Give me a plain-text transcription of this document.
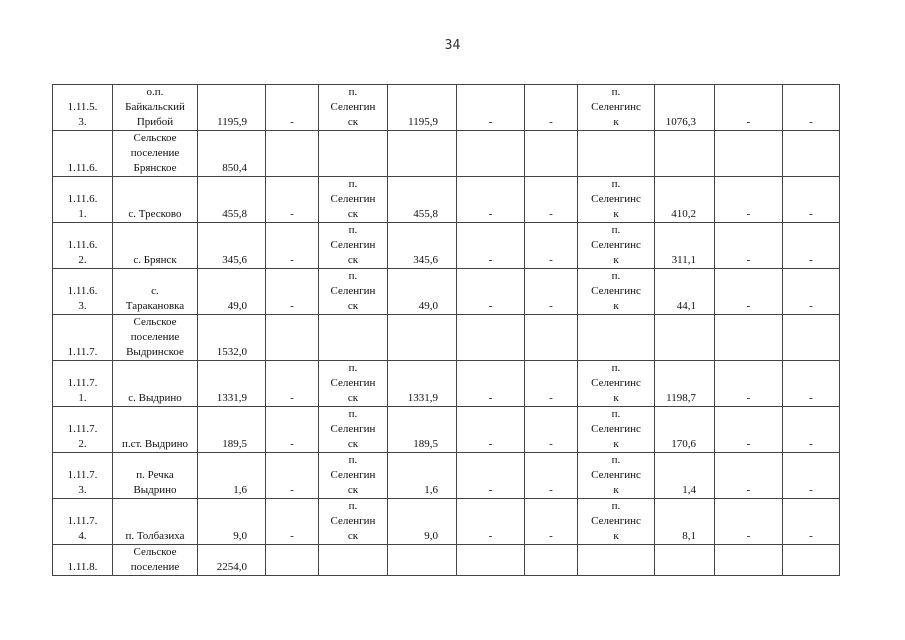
34
1.11.5.
3.	о.п.
Байкальский
Прибой	1195,9	-	п.
Селенгин
ск	1195,9	-	-	п.
Селенгинс
к	1076,3	-	-
1.11.6.	Сельское
поселение
Брянское	850,4									
1.11.6.
1.	с. Тресково	455,8	-	п.
Селенгин
ск	455,8	-	-	п.
Селенгинс
к	410,2	-	-
1.11.6.
2.	с. Брянск	345,6	-	п.
Селенгин
ск	345,6	-	-	п.
Селенгинс
к	311,1	-	-
1.11.6.
3.	с.
Таракановка	49,0	-	п.
Селенгин
ск	49,0	-	-	п.
Селенгинс
к	44,1	-	-
1.11.7.	Сельское
поселение
Выдринское	1532,0									
1.11.7.
1.	с. Выдрино	1331,9	-	п.
Селенгин
ск	1331,9	-	-	п.
Селенгинс
к	1198,7	-	-
1.11.7.
2.	п.ст. Выдрино	189,5	-	п.
Селенгин
ск	189,5	-	-	п.
Селенгинс
к	170,6	-	-
1.11.7.
3.	п. Речка
Выдрино	1,6	-	п.
Селенгин
ск	1,6	-	-	п.
Селенгинс
к	1,4	-	-
1.11.7.
4.	п. Толбазиха	9,0	-	п.
Селенгин
ск	9,0	-	-	п.
Селенгинс
к	8,1	-	-
1.11.8.	Сельское
поселение	2254,0									
